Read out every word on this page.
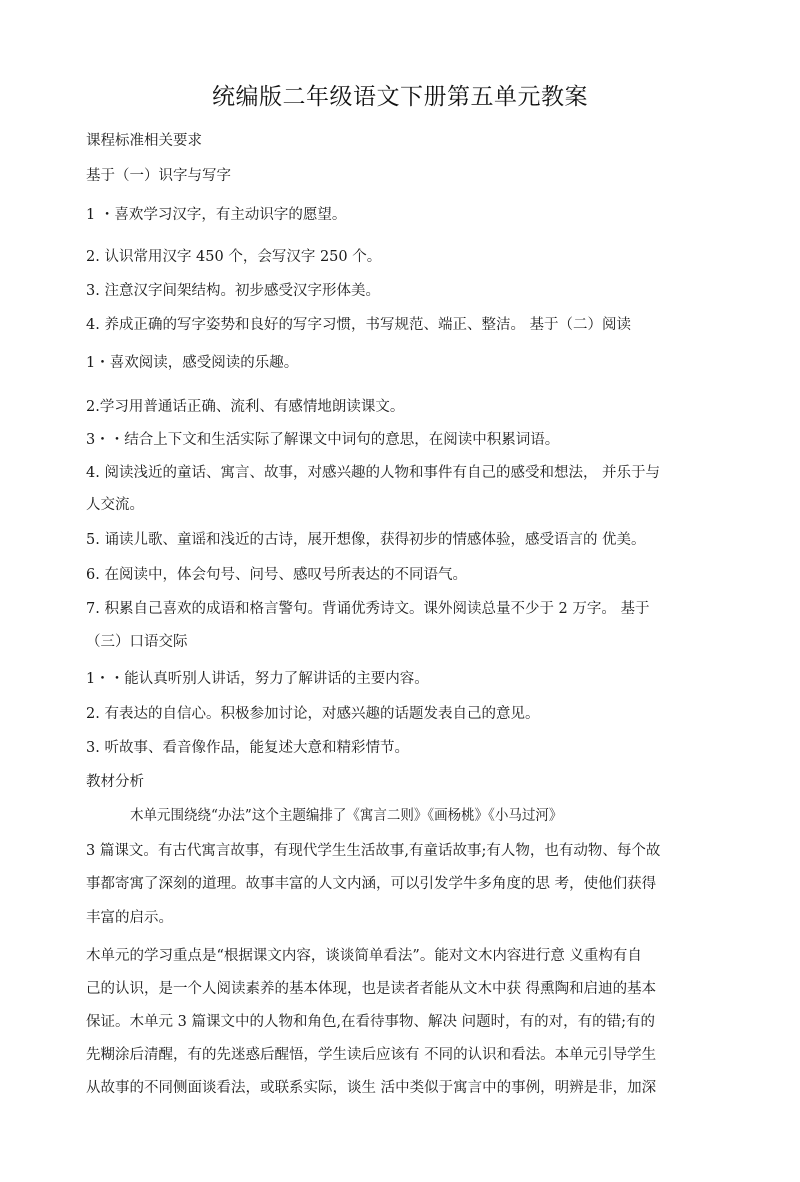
统编版二年级语文下册第五单元教案
课程标准相关要求
基于（一）识字与写字
1 ・喜欢学习汉字，有主动识字的愿望。
2. 认识常用汉字 450 个，会写汉字 250 个。
3. 注意汉字间架结构。初步感受汉字形体美。
4. 养成正确的写字姿势和良好的写字习惯，书写规范、端正、整洁。 基于（二）阅读
1・喜欢阅读，感受阅读的乐趣。
2.学习用普通话正确、流利、有感情地朗读课文。
3・・结合上下文和生活实际了解课文中词句的意思，在阅读中积累词语。
4. 阅读浅近的童话、寓言、故事，对感兴趣的人物和事件有自己的感受和想法， 并乐于与
人交流。
5. 诵读儿歌、童谣和浅近的古诗，展开想像，获得初步的情感体验，感受语言的 优美。
6. 在阅读中，体会句号、问号、感叹号所表达的不同语气。
7. 积累自己喜欢的成语和格言警句。背诵优秀诗文。课外阅读总量不少于 2 万字。 基于
（三）口语交际
1・・能认真听别人讲话，努力了解讲话的主要内容。
2. 有表达的自信心。积极参加讨论，对感兴趣的话题发表自己的意见。
3. 听故事、看音像作品，能复述大意和精彩情节。
教材分析
木单元围绕绕“办法”这个主题编排了《寓言二则》《画杨桃》《小马过河》
3 篇课文。有古代寓言故事，有现代学生生活故事,有童话故事;有人物，也有动物、每个故
事都寄寓了深刻的道理。故事丰富的人文内涵，可以引发学牛多角度的思 考，使他们获得
丰富的启示。
木单元的学习重点是“根据课文内容，谈谈简单看法”。能对文木内容进行意 义重构有自
己的认识，是一个人阅读素养的基本体现，也是读者者能从文木中获 得熏陶和启迪的基本
保证。木单元 3 篇课文中的人物和角色,在看待事物、解决 问题时，有的对，有的错;有的
先糊涂后清醒，有的先迷惑后醒悟，学生读后应该有 不同的认识和看法。本单元引导学生
从故事的不同侧面谈看法，或联系实际，谈生 活中类似于寓言中的事例，明辨是非，加深
